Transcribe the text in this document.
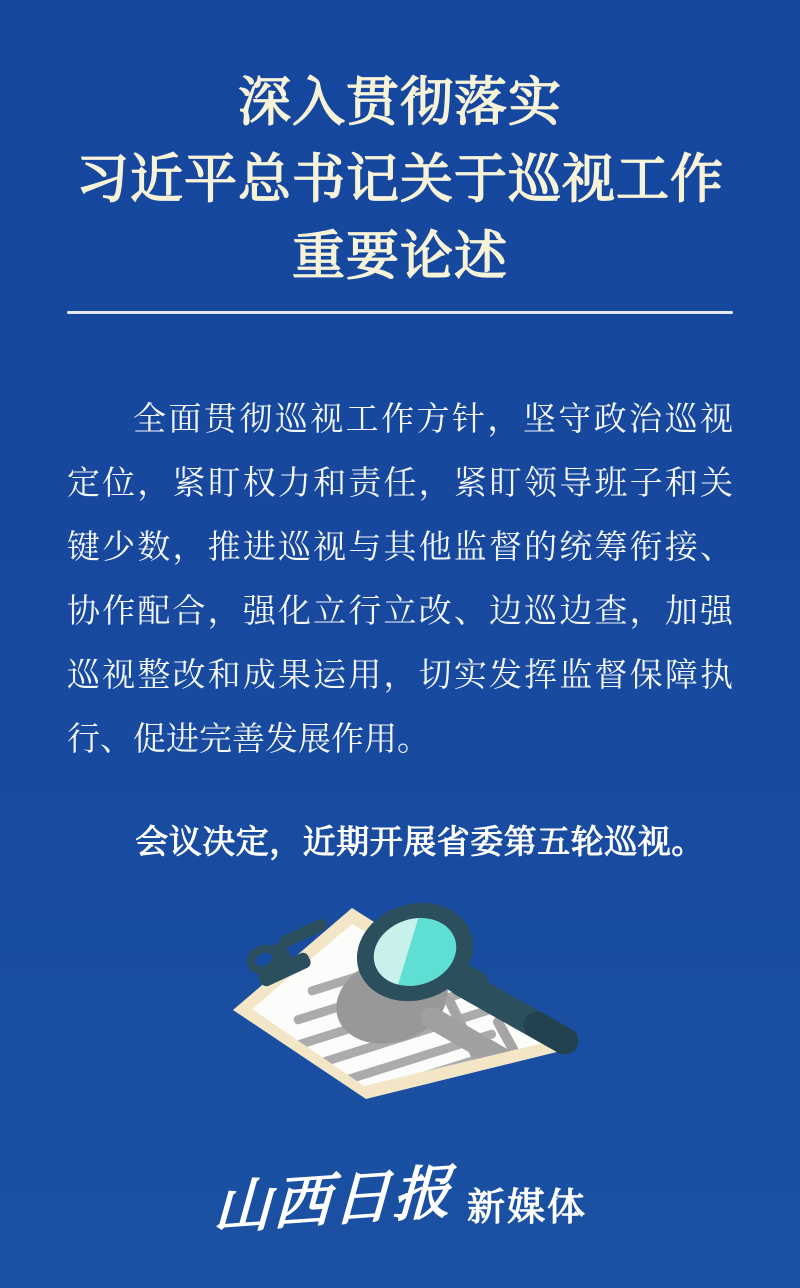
深入贯彻落实
习近平总书记关于巡视工作
重要论述
全面贯彻巡视工作方针，坚守政治巡视
定位，紧盯权力和责任，紧盯领导班子和关
键少数，推进巡视与其他监督的统筹衔接、
协作配合，强化立行立改、边巡边查，加强
巡视整改和成果运用，切实发挥监督保障执
行、促进完善发展作用。
会议决定，近期开展省委第五轮巡视。
山西日报 新媒体
